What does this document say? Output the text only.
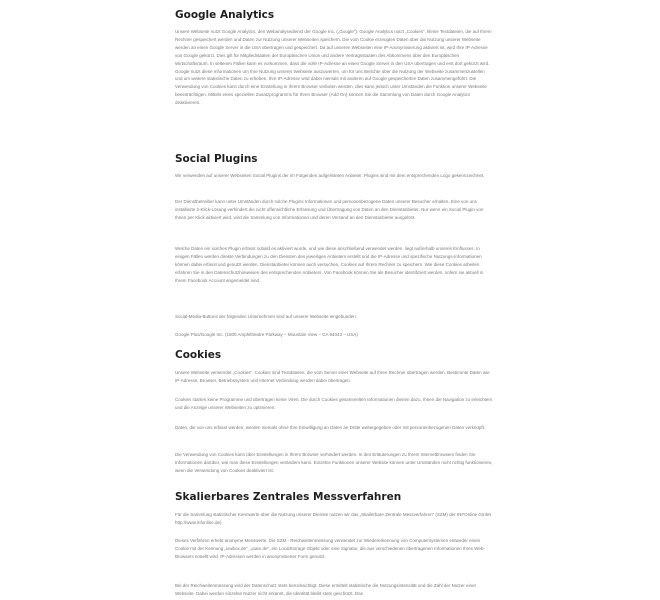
Google Analytics

Unsere Webseite nutzt Google Analytics, den Webanalysedienst der Google Inc. („Google“). Google Analytics nutzt „Cookies“, kleine Textdateien, die auf Ihrem Rechner gespeichert werden und Daten zur Nutzung unserer Webseiten speichern. Die vom Cookie erzeugten Daten über die Nutzung unserer Webseite werden an einen Google Server in die USA übertragen und gespeichert. Da auf unseren Webseiten eine IP-Anonymisierung aktiviert ist, wird Ihre IP-Adresse von Google gekürzt. Dies gilt für Mitgliedstaaten der Europäischen Union und andere Vertragsstaaten des Abkommens über den Europäischen Wirtschaftsraum. In seltenen Fällen kann es vorkommen, dass die volle IP-Adresse an einen Google Server in den USA übertragen und erst dort gekürzt wird. Google nutzt diese Informationen um Ihre Nutzung unserer Webseite auszuwerten, um für uns Berichte über die Nutzung der Webseite zusammenzustellen und um weitere statistische Daten zu erheben. Ihre IP-Adresse wird dabei niemals mit anderen auf Google gespeicherten Daten zusammengeführt. Die Verwendung von Cookies kann durch eine Einstellung in Ihrem Browser verboten werden, dies kann jedoch unter Umständen die Funktion unserer Webseite beeinträchtigen. Mittels eines speziellen Zusatzprogramms für Ihren Browser (Add On) können Sie die Sammlung von Daten durch Google Analytics deaktivieren.

Social Plugins

Wir verwenden auf unserer Webseiten Social Plugins der im Folgenden aufgelisteten Anbieter. Plugins sind mit dem entsprechenden Logo gekennzeichnet.

Der Dienstbetreiber kann unter Umständen durch solche Plugins Informationen und personenbezogene Daten unserer Besucher erhalten. Eine von uns installierte 2-Klick-Lösung verhindert die nicht offensichtliche Erfassung und Übertragung von Daten an den Dienstanbieter. Nur wenn ein Social Plugin von Ihnen per Klick aktiviert wird, wird die Sammlung von Informationen und deren Versand an den Dienstanbieter ausgelöst.

Welche Daten ein solches Plugin erfasst sobald es aktiviert wurde, und wie diese anschließend verwendet werden, liegt außerhalb unseres Einflusses. In einigen Fällen werden direkte Verbindungen zu den Diensten des jeweiligen Anbieters erstellt und die IP-Adresse und spezifische Nutzungs-Informationen können dabei erfasst und genutzt werden. Dienstanbieter können auch versuchen, Cookies auf Ihrem Rechner zu speichern. Wie diese Cookies arbeiten erfahren Sie in den Datenschutzhinweisen des entsprechenden Anbieters. Von Facebook können Sie als Besucher identifiziert werden, sofern sie aktuell in Ihrem Facebook Account angemeldet sind.

Social-Media-Buttons der folgenden Unternehmen sind auf unserer Webseite eingebunden:

Google Plus/Google Inc. (1600 Amphitheatre Parkway – Mountain View – CA 94043 – USA)

Cookies

Unsere Webseite verwendet „Cookies“. Cookies sind Textdateien, die vom Server einer Webseite auf Ihren Rechner übertragen werden. Bestimmte Daten wie IP-Adresse, Browser, Betriebssystem und Internet Verbindung werden dabei übertragen.

Cookies starten keine Programme und übertragen keine Viren. Die durch Cookies gesammelten Informationen dienen dazu, Ihnen die Navigation zu erleichtern und die Anzeige unserer Webseiten zu optimieren.

Daten, die von uns erfasst werden, werden niemals ohne Ihre Einwilligung an Daten an Dritte weitergegeben oder mit personenbezogenen Daten verknüpft.

Die Verwendung von Cookies kann über Einstellungen in Ihrem Browser verhindert werden. In den Erläuterungen zu Ihrem Internetbrowsers finden Sie Informationen darüber, wie man diese Einstellungen verändern kann. Einzelne Funktionen unserer Website können unter Umständen nicht richtig funktionieren, wenn die Verwendung von Cookies deaktiviert ist.

Skalierbares Zentrales Messverfahren

Für die Sammlung statistischer Kennwerte über die Nutzung unserer Dienste nutzen wir das „Skalierbare Zentrale Messverfahren“ (SZM) der INFOnline GmbH http://www.infonline.de)

Dieses Verfahren erhebt anonyme Messwerte. Die SZM - Reichweitenmessung verwendet zur Wiedererkennung von Computersystemen entweder einen Cookie mit der Kennung „ivwbox.de“, „ioam.de“, ein LocalStorage Objekt oder eine Signatur, die aus verschiedenen übertragenen Informationen Ihres Web-Browsers erstellt wird. IP-Adressen werden in anonymisierter Form genutzt.

Bei der Reichweitenmessung wird der Datenschutz stets berücksichtigt. Diese ermittelt statistische die Nutzungsintensität und die Zahl der Nutzer einer Webseite. Dabei werden einzelne Nutzer nicht erkannt, die Identität bleibt stets geschützt. Das
